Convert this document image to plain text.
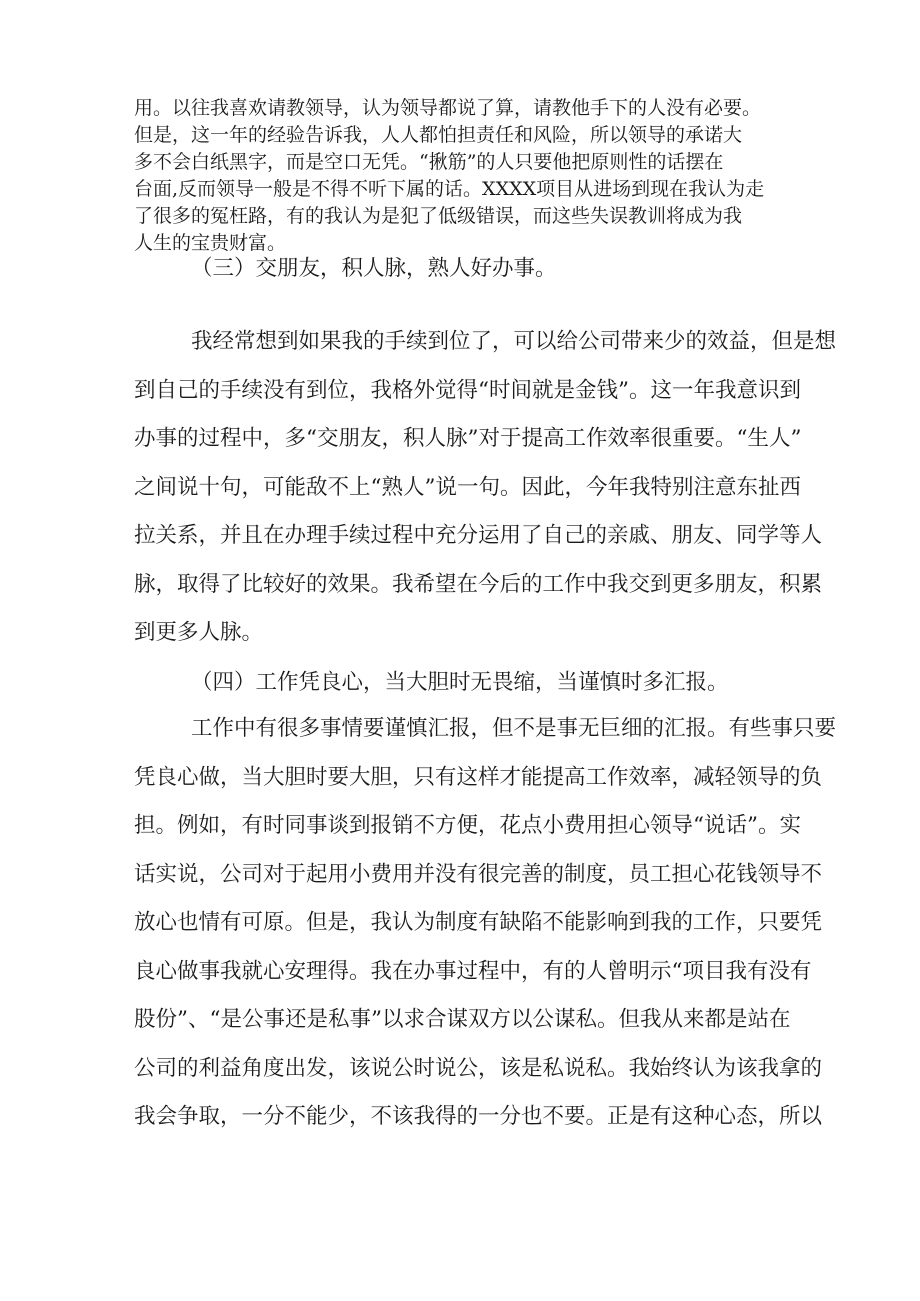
用。以往我喜欢请教领导，认为领导都说了算，请教他手下的人没有必要。
但是，这一年的经验告诉我，人人都怕担责任和风险，所以领导的承诺大
多不会白纸黑字，而是空口无凭。“揪筋”的人只要他把原则性的话摆在
台面,反而领导一般是不得不听下属的话。XXXX项目从进场到现在我认为走
了很多的冤枉路，有的我认为是犯了低级错误，而这些失误教训将成为我
人生的宝贵财富。
（三）交朋友，积人脉，熟人好办事。
我经常想到如果我的手续到位了，可以给公司带来少的效益，但是想
到自己的手续没有到位，我格外觉得“时间就是金钱”。这一年我意识到
办事的过程中，多“交朋友，积人脉”对于提高工作效率很重要。“生人”
之间说十句，可能敌不上“熟人”说一句。因此，今年我特别注意东扯西
拉关系，并且在办理手续过程中充分运用了自己的亲戚、朋友、同学等人
脉，取得了比较好的效果。我希望在今后的工作中我交到更多朋友，积累
到更多人脉。
（四）工作凭良心，当大胆时无畏缩，当谨慎时多汇报。
工作中有很多事情要谨慎汇报，但不是事无巨细的汇报。有些事只要
凭良心做，当大胆时要大胆，只有这样才能提高工作效率，减轻领导的负
担。例如，有时同事谈到报销不方便，花点小费用担心领导“说话”。实
话实说，公司对于起用小费用并没有很完善的制度，员工担心花钱领导不
放心也情有可原。但是，我认为制度有缺陷不能影响到我的工作，只要凭
良心做事我就心安理得。我在办事过程中，有的人曾明示“项目我有没有
股份”、“是公事还是私事”以求合谋双方以公谋私。但我从来都是站在
公司的利益角度出发，该说公时说公，该是私说私。我始终认为该我拿的
我会争取，一分不能少，不该我得的一分也不要。正是有这种心态，所以
